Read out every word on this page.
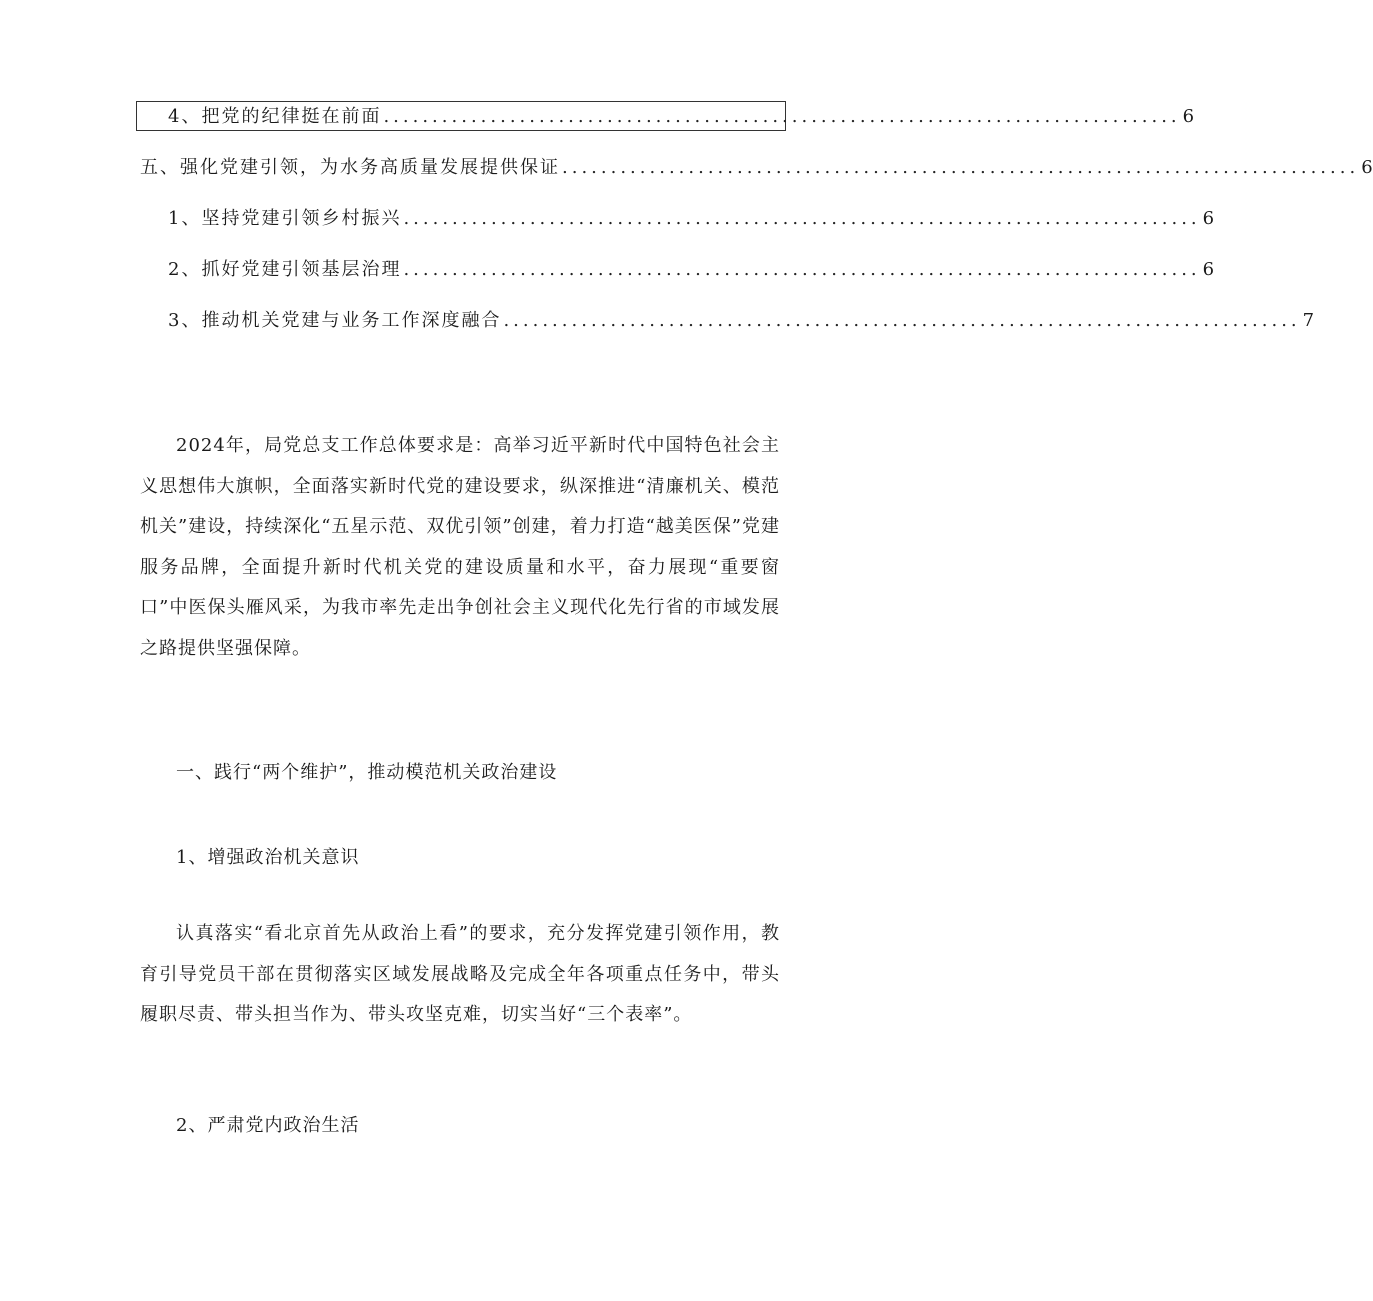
4、把党的纪律挺在前面 .................................................................................. 6
五、强化党建引领，为水务高质量发展提供保证 .................................................................................. 6
1、坚持党建引领乡村振兴 .................................................................................. 6
2、抓好党建引领基层治理 .................................................................................. 6
3、推动机关党建与业务工作深度融合 .................................................................................. 7

2024年，局党总支工作总体要求是：高举习近平新时代中国特色社会主义思想伟大旗帜，全面落实新时代党的建设要求，纵深推进“清廉机关、模范机关”建设，持续深化“五星示范、双优引领”创建，着力打造“越美医保”党建服务品牌，全面提升新时代机关党的建设质量和水平，奋力展现“重要窗口”中医保头雁风采，为我市率先走出争创社会主义现代化先行省的市域发展之路提供坚强保障。

一、践行“两个维护”，推动模范机关政治建设

1、增强政治机关意识

认真落实“看北京首先从政治上看”的要求，充分发挥党建引领作用，教育引导党员干部在贯彻落实区域发展战略及完成全年各项重点任务中，带头履职尽责、带头担当作为、带头攻坚克难，切实当好“三个表率”。

2、严肃党内政治生活
